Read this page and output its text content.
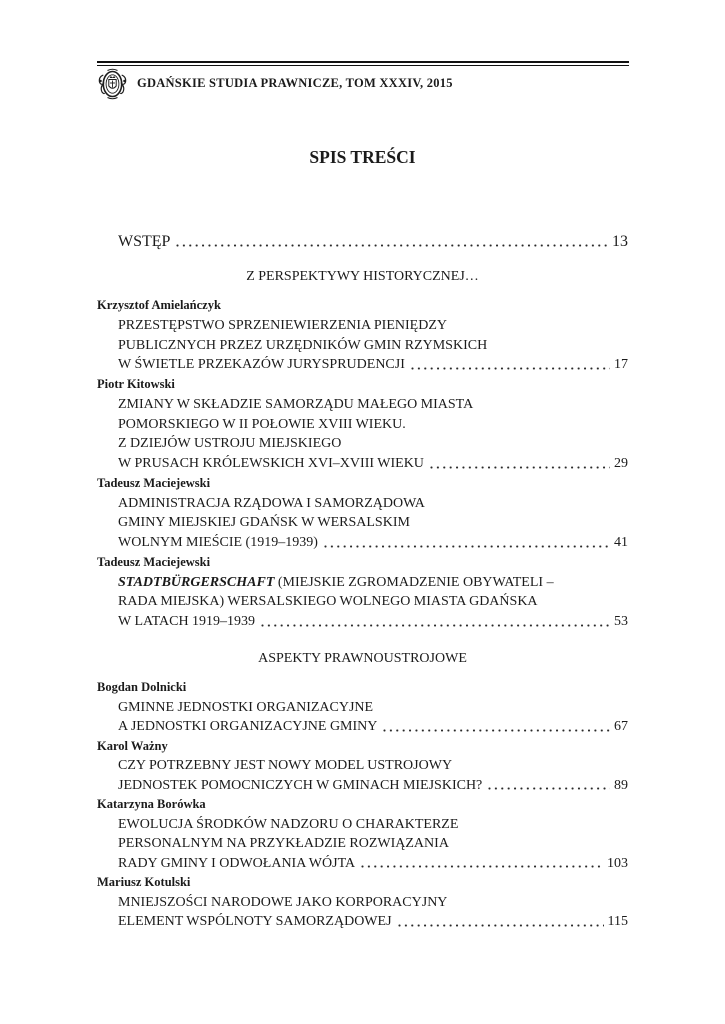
GDAŃSKIE STUDIA PRAWNICZE, TOM XXXIV, 2015
SPIS TREŚCI
WSTĘP	13
Z PERSPEKTYWY HISTORYCZNEJ…
Krzysztof Amielańczyk
PRZESTĘPSTWO SPRZENIEWIERZENIA PIENIĘDZY
PUBLICZNYCH PRZEZ URZĘDNIKÓW GMIN RZYMSKICH
W ŚWIETLE PRZEKAZÓW JURYSPRUDENCJI	17
Piotr Kitowski
ZMIANY W SKŁADZIE SAMORZĄDU MAŁEGO MIASTA
POMORSKIEGO W II POŁOWIE XVIII WIEKU.
Z DZIEJÓW USTROJU MIEJSKIEGO
W PRUSACH KRÓLEWSKICH XVI–XVIII WIEKU	29
Tadeusz Maciejewski
ADMINISTRACJA RZĄDOWA I SAMORZĄDOWA
GMINY MIEJSKIEJ GDAŃSK W WERSALSKIM
WOLNYM MIEŚCIE (1919–1939)	41
Tadeusz Maciejewski
STADTBÜRGERSCHAFT (MIEJSKIE ZGROMADZENIE OBYWATELI –
RADA MIEJSKA) WERSALSKIEGO WOLNEGO MIASTA GDAŃSKA
W LATACH 1919–1939	53
ASPEKTY PRAWNOUSTROJOWE
Bogdan Dolnicki
GMINNE JEDNOSTKI ORGANIZACYJNE
A JEDNOSTKI ORGANIZACYJNE GMINY	67
Karol Ważny
CZY POTRZEBNY JEST NOWY MODEL USTROJOWY
JEDNOSTEK POMOCNICZYCH W GMINACH MIEJSKICH?	89
Katarzyna Borówka
EWOLUCJA ŚRODKÓW NADZORU O CHARAKTERZE
PERSONALNYM NA PRZYKŁADZIE ROZWIĄZANIA
RADY GMINY I ODWOŁANIA WÓJTA	103
Mariusz Kotulski
MNIEJSZOŚCI NARODOWE JAKO KORPORACYJNY
ELEMENT WSPÓLNOTY SAMORZĄDOWEJ	115
